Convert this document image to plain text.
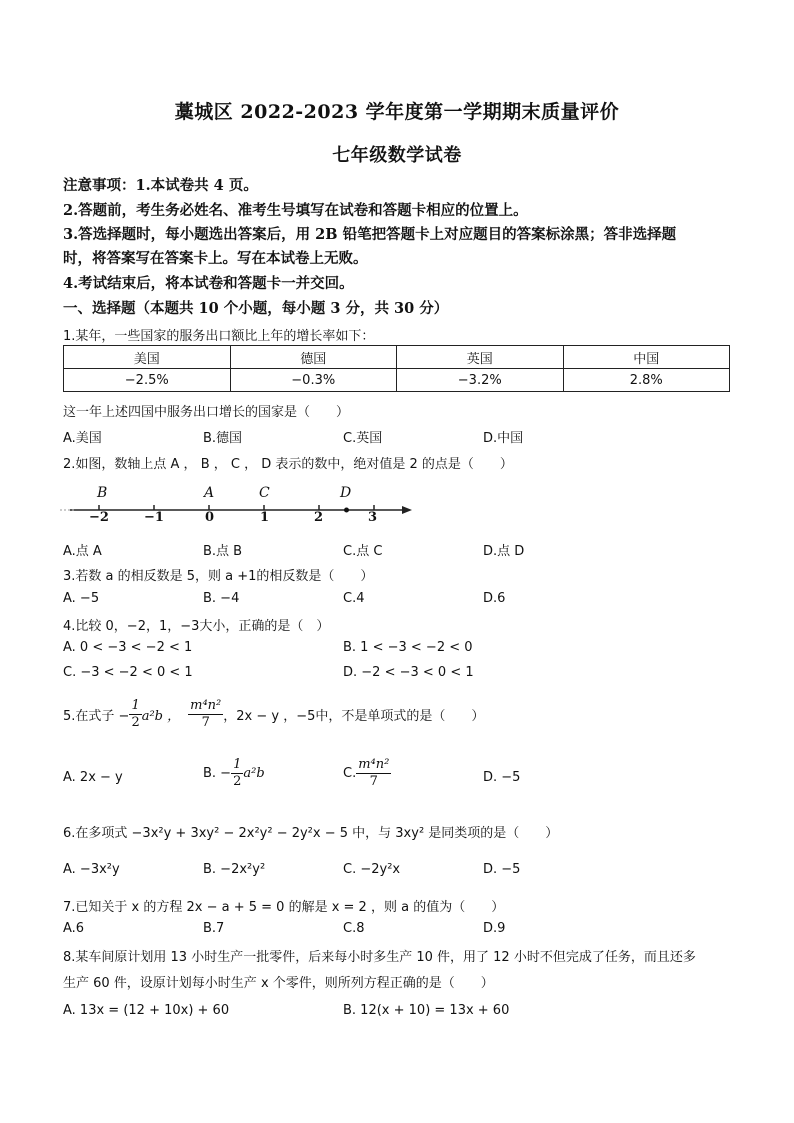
藁城区 2022-2023 学年度第一学期期末质量评价
七年级数学试卷
注意事项：1.本试卷共 4 页。
2.答题前，考生务必姓名、准考生号填写在试卷和答题卡相应的位置上。
3.答选择题时，每小题选出答案后，用 2B 铅笔把答题卡上对应题目的答案标涂黑；答非选择题
时，将答案写在答案卡上。写在本试卷上无败。
4.考试结束后，将本试卷和答题卡一并交回。
一、选择题（本题共 10 个小题，每小题 3 分，共 30 分）
1.某年，一些国家的服务出口额比上年的增长率如下：
美国	德国	英国	中国
−2.5%	−0.3%	−3.2%	2.8%
这一年上述四国中服务出口增长的国家是（　　）
A.美国	B.德国	C.英国	D.中国
2.如图，数轴上点 A ， B ， C ， D 表示的数中，绝对值是 2 的点是（　　）
B	A	C	D
−2	−1	0	1	2	3
A.点 A	B.点 B	C.点 C	D.点 D
3.若数 a 的相反数是 5，则 a +1的相反数是（　　）
A. −5	B. −4	C.4	D.6
4.比较 0，−2，1，−3大小，正确的是（　）
A. 0 < −3 < −2 < 1	B. 1 < −3 < −2 < 0
C. −3 < −2 < 0 < 1	D. −2 < −3 < 0 < 1
5.在式子 − $\frac{1}{2} a^2b$ ， $\frac{\text{m⁴n²}}{7}$ ，2x − y ，−5中，不是单项式的是（　　）
A. 2x − y	B. − $\frac{1}{2} a^2b$	C. $\frac{\text{m⁴n²}}{7}$	D. −5
6.在多项式 −3x²y + 3xy² − 2x²y² − 2y²x − 5 中，与 3xy² 是同类项的是（　　）
A. −3x²y	B. −2x²y²	C. −2y²x	D. −5
7.已知关于 x 的方程 2x − a + 5 = 0 的解是 x = 2 ，则 a 的值为（　　）
A.6	B.7	C.8	D.9
8.某车间原计划用 13 小时生产一批零件，后来每小时多生产 10 件，用了 12 小时不但完成了任务，而且还多
生产 60 件，设原计划每小时生产 x 个零件，则所列方程正确的是（　　）
A. 13x = (12 + 10x) + 60	B. 12(x + 10) = 13x + 60
